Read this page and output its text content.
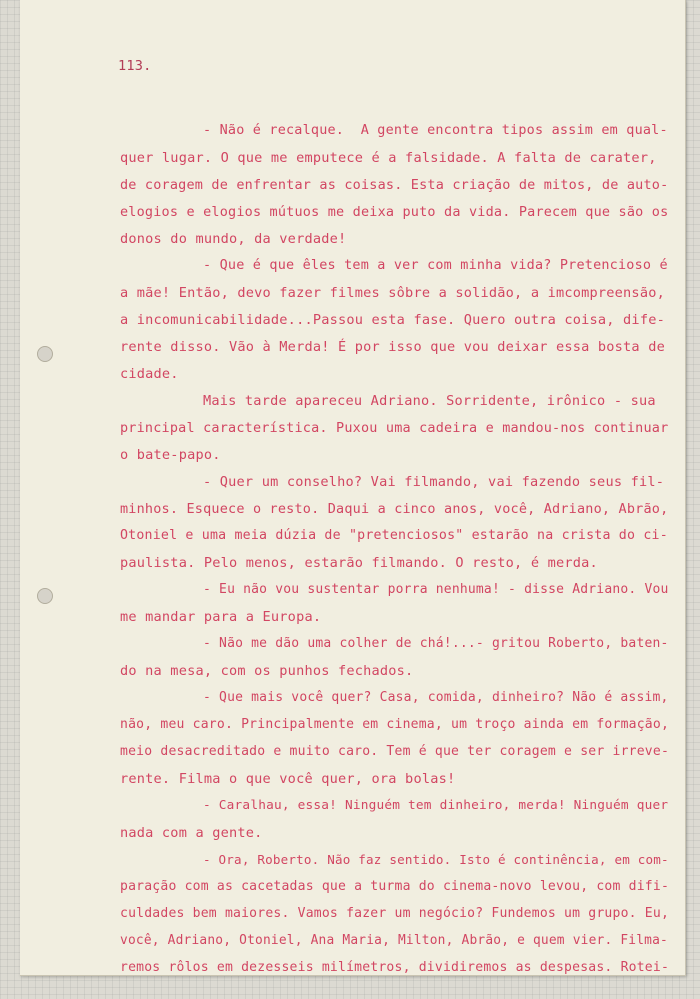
113.

- Não é recalque.  A gente encontra tipos assim em qual-

quer lugar. O que me emputece é a falsidade. A falta de carater,

de coragem de enfrentar as coisas. Esta criação de mitos, de auto-

elogios e elogios mútuos me deixa puto da vida. Parecem que são os

donos do mundo, da verdade!

- Que é que êles tem a ver com minha vida? Pretencioso é

a mãe! Então, devo fazer filmes sôbre a solidão, a imcompreensão,

a incomunicabilidade...Passou esta fase. Quero outra coisa, dife-

rente disso. Vão à Merda! É por isso que vou deixar essa bosta de

cidade.

Mais tarde apareceu Adriano. Sorridente, irônico - sua

principal característica. Puxou uma cadeira e mandou-nos continuar

o bate-papo.

- Quer um conselho? Vai filmando, vai fazendo seus fil-

minhos. Esquece o resto. Daqui a cinco anos, você, Adriano, Abrão,

Otoniel e uma meia dúzia de "pretenciosos" estarão na crista do ci-

paulista. Pelo menos, estarão filmando. O resto, é merda.

- Eu não vou sustentar porra nenhuma! - disse Adriano. Vou

me mandar para a Europa.

- Não me dão uma colher de chá!...- gritou Roberto, baten-

do na mesa, com os punhos fechados.

- Que mais você quer? Casa, comida, dinheiro? Não é assim,

não, meu caro. Principalmente em cinema, um troço ainda em formação,

meio desacreditado e muito caro. Tem é que ter coragem e ser irreve-

rente. Filma o que você quer, ora bolas!

- Caralhau, essa! Ninguém tem dinheiro, merda! Ninguém quer

nada com a gente.

- Ora, Roberto. Não faz sentido. Isto é continência, em com-

paração com as cacetadas que a turma do cinema-novo levou, com difi-

culdades bem maiores. Vamos fazer um negócio? Fundemos um grupo. Eu,

você, Adriano, Otoniel, Ana Maria, Milton, Abrão, e quem vier. Filma-

remos rôlos em dezesseis milímetros, dividiremos as despesas. Rotei-
